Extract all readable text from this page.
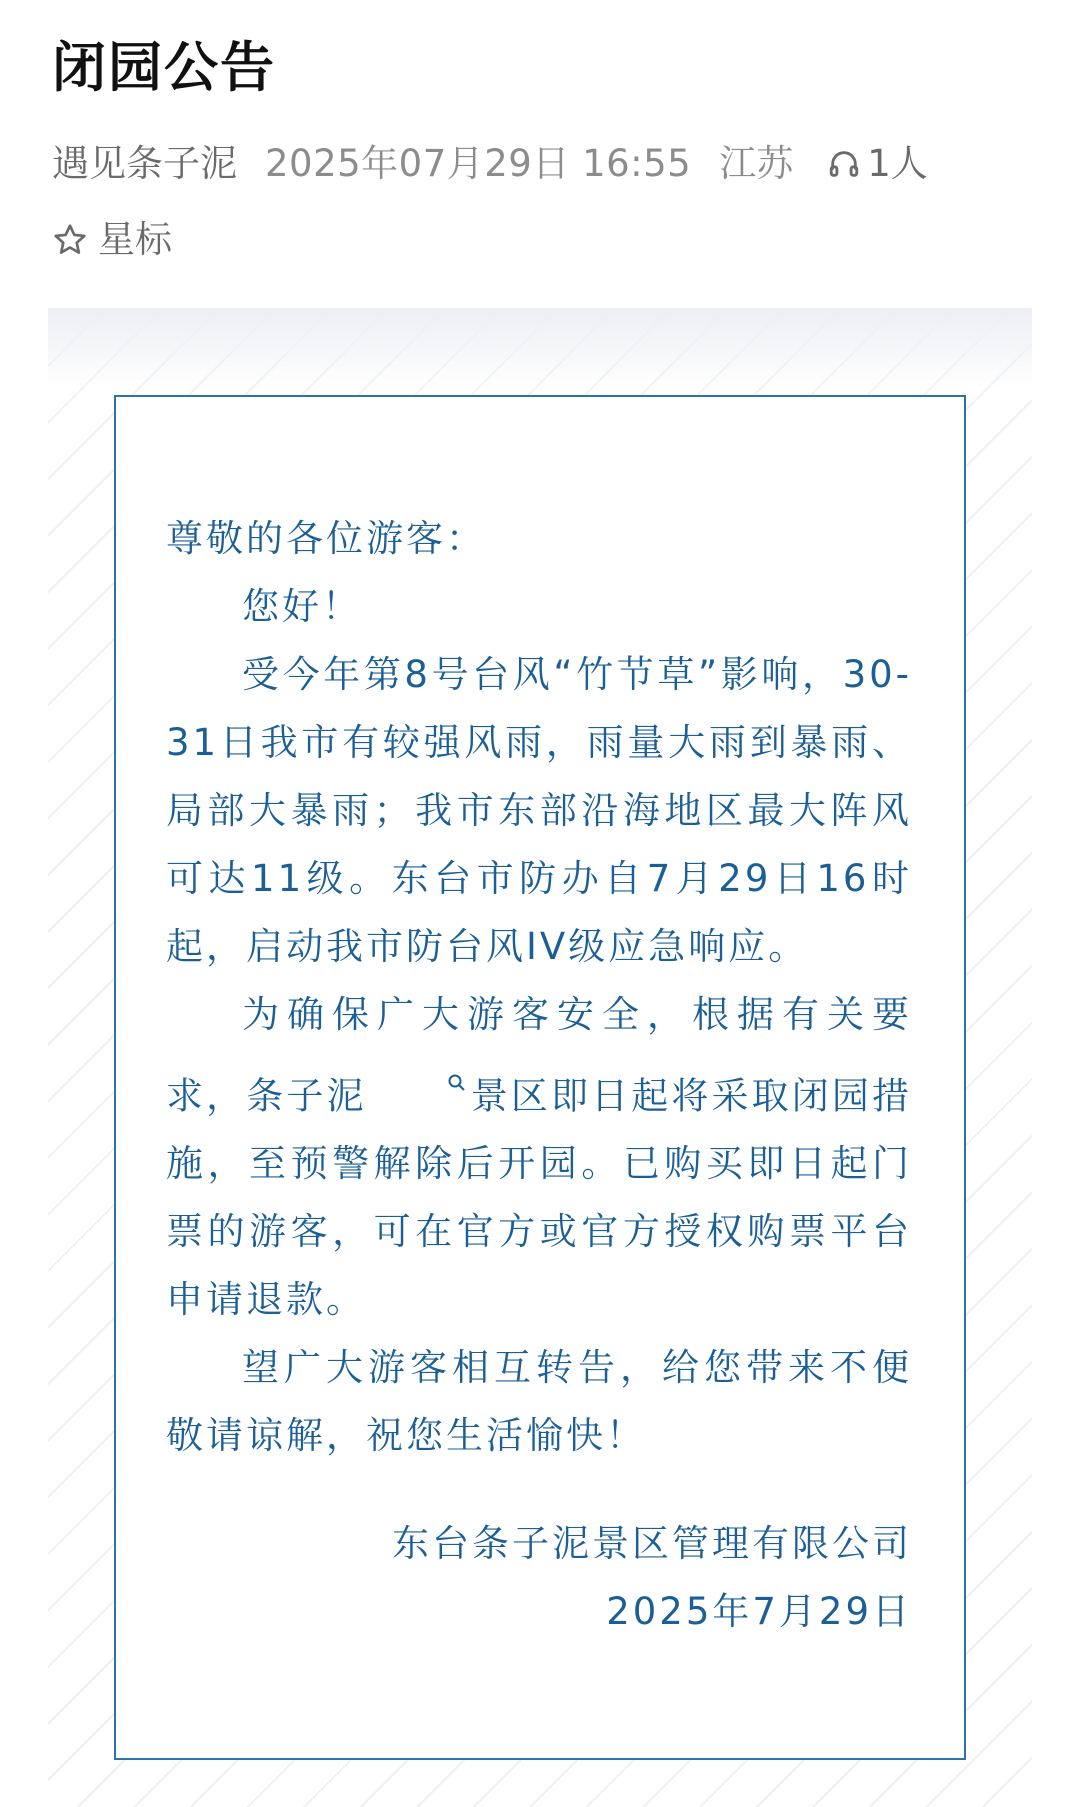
闭园公告
遇见条子泥 2025年07月29日 16:55 江苏 1人
星标

尊敬的各位游客：

您好！

受今年第8号台风“竹节草”影响，30-31日我市有较强风雨，雨量大雨到暴雨、局部大暴雨；我市东部沿海地区最大阵风可达11级。东台市防办自7月29日16时起，启动我市防台风IV级应急响应。

为确保广大游客安全，根据有关要求，条子泥	景区即日起将采取闭园措施，至预警解除后开园。已购买即日起门票的游客，可在官方或官方授权购票平台申请退款。

望广大游客相互转告，给您带来不便敬请谅解，祝您生活愉快！

东台条子泥景区管理有限公司
2025年7月29日
